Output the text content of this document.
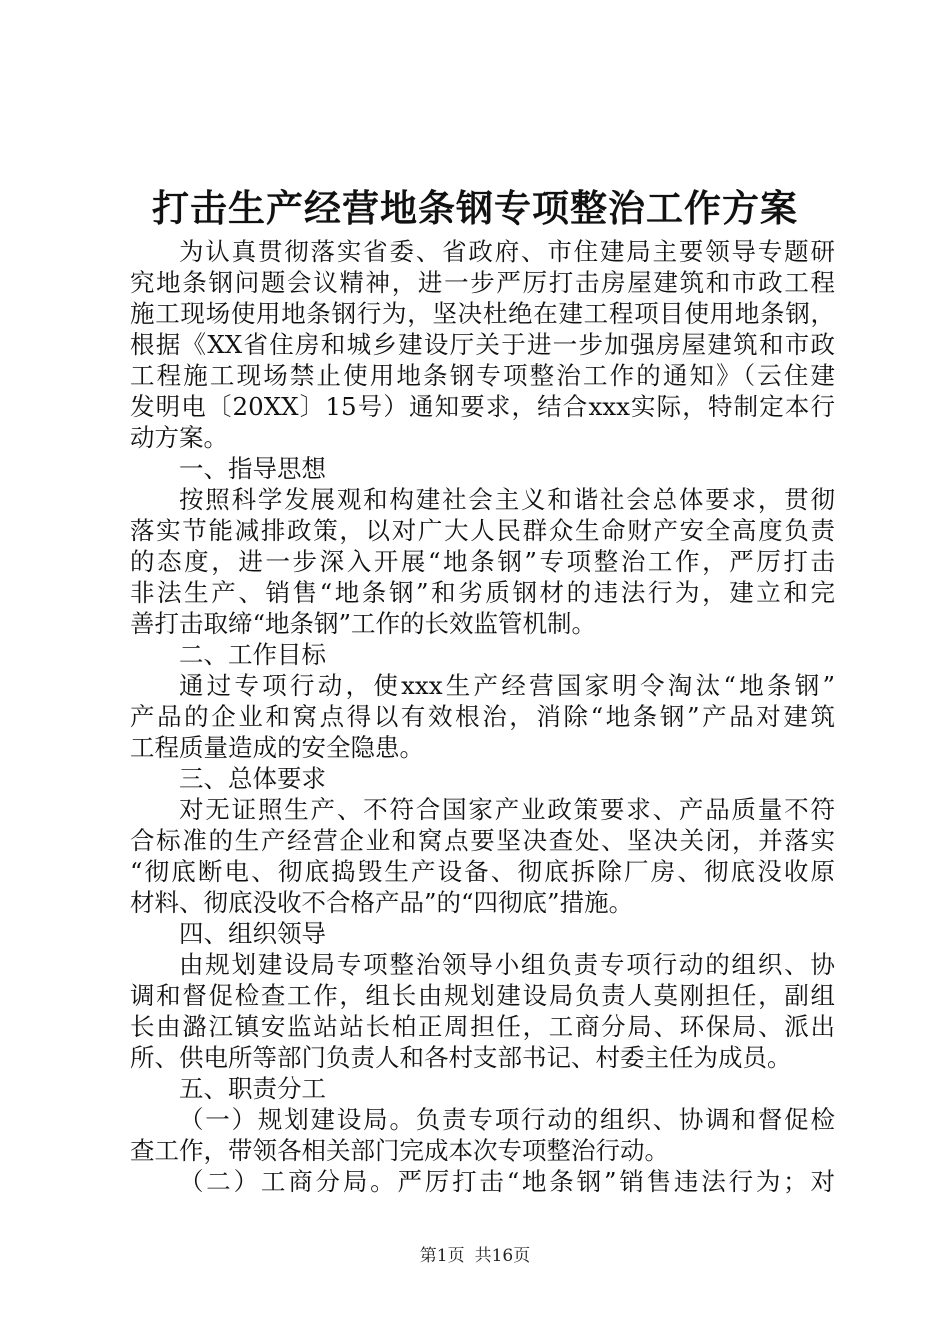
打击生产经营地条钢专项整治工作方案
为认真贯彻落实省委、省政府、市住建局主要领导专题研
究地条钢问题会议精神，进一步严厉打击房屋建筑和市政工程
施工现场使用地条钢行为，坚决杜绝在建工程项目使用地条钢，
根据《XX省住房和城乡建设厅关于进一步加强房屋建筑和市政
工程施工现场禁止使用地条钢专项整治工作的通知》（云住建
发明电〔20XX〕15号）通知要求，结合xxx实际，特制定本行
动方案。
一、指导思想
按照科学发展观和构建社会主义和谐社会总体要求，贯彻
落实节能减排政策，以对广大人民群众生命财产安全高度负责
的态度，进一步深入开展“地条钢”专项整治工作，严厉打击
非法生产、销售“地条钢”和劣质钢材的违法行为，建立和完
善打击取缔“地条钢”工作的长效监管机制。
二、工作目标
通过专项行动，使xxx生产经营国家明令淘汰“地条钢”
产品的企业和窝点得以有效根治，消除“地条钢”产品对建筑
工程质量造成的安全隐患。
三、总体要求
对无证照生产、不符合国家产业政策要求、产品质量不符
合标准的生产经营企业和窝点要坚决查处、坚决关闭，并落实
“彻底断电、彻底捣毁生产设备、彻底拆除厂房、彻底没收原
材料、彻底没收不合格产品”的“四彻底”措施。
四、组织领导
由规划建设局专项整治领导小组负责专项行动的组织、协
调和督促检查工作，组长由规划建设局负责人莫刚担任，副组
长由潞江镇安监站站长柏正周担任，工商分局、环保局、派出
所、供电所等部门负责人和各村支部书记、村委主任为成员。
五、职责分工
（一）规划建设局。负责专项行动的组织、协调和督促检
查工作，带领各相关部门完成本次专项整治行动。
（二）工商分局。严厉打击“地条钢”销售违法行为；对
第1页 共16页
